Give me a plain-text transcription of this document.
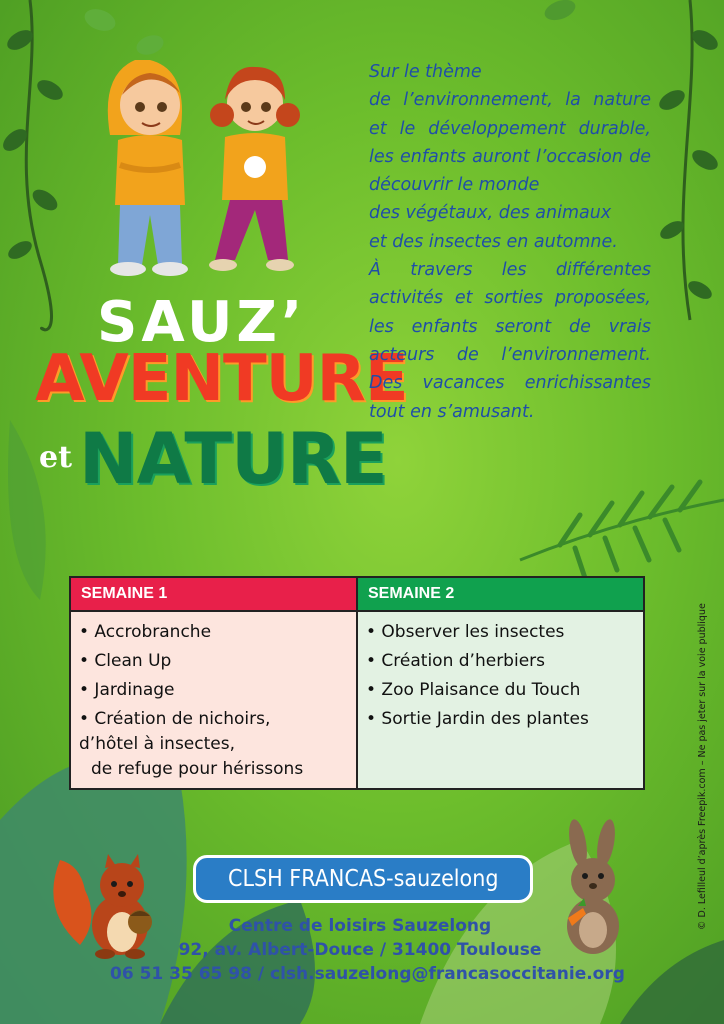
SAUZ’
AVENTURE
et NATURE

Sur le thème

de l’environnement, la nature et le développement durable, les enfants auront l’occasion de découvrir le monde

des végétaux, des animaux

et des insectes en automne.

À travers les différentes activités et sorties proposées, les enfants seront de vrais acteurs de l’environnement. Des vacances enrichissantes tout en s’amusant.

SEMAINE 1
• Accrobranche
• Clean Up
• Jardinage
• Création de nichoirs,
d’hôtel à insectes,
de refuge pour hérissons
SEMAINE 2
• Observer les insectes
• Création d’herbiers
• Zoo Plaisance du Touch
• Sortie Jardin des plantes
CLSH FRANCAS-sauzelong
Centre de loisirs Sauzelong
92, av. Albert-Douce / 31400 Toulouse
06 51 35 65 98 / clsh.sauzelong@francasoccitanie.org
© D. Lefilleul d’après Freepik.com – Ne pas jeter sur la voie publique
